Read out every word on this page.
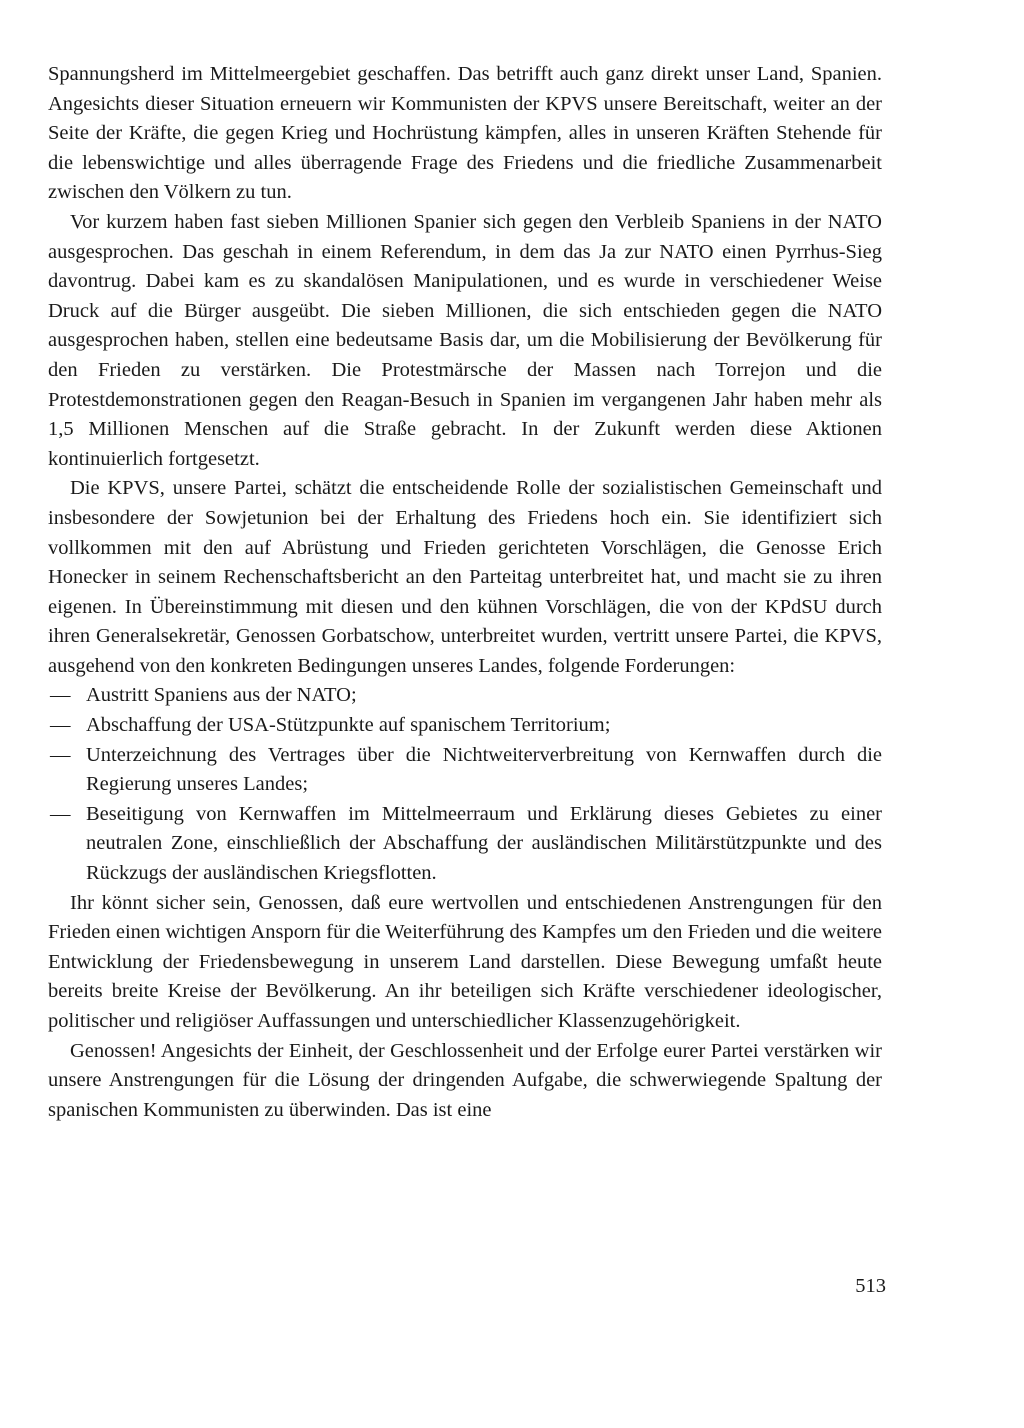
Spannungsherd im Mittelmeergebiet geschaffen. Das betrifft auch ganz direkt unser Land, Spanien. Angesichts dieser Situation erneuern wir Kommunisten der KPVS unsere Bereitschaft, weiter an der Seite der Kräfte, die gegen Krieg und Hochrüstung kämpfen, alles in unseren Kräften Stehende für die lebenswichtige und alles überragende Frage des Friedens und die friedliche Zusammenarbeit zwischen den Völkern zu tun.

Vor kurzem haben fast sieben Millionen Spanier sich gegen den Verbleib Spaniens in der NATO ausgesprochen. Das geschah in einem Referendum, in dem das Ja zur NATO einen Pyrrhus-Sieg davontrug. Dabei kam es zu skandalösen Manipulationen, und es wurde in verschiedener Weise Druck auf die Bürger ausgeübt. Die sieben Millionen, die sich entschieden gegen die NATO ausgesprochen haben, stellen eine bedeutsame Basis dar, um die Mobilisierung der Bevölkerung für den Frieden zu verstärken. Die Protestmärsche der Massen nach Torrejon und die Protestdemonstrationen gegen den Reagan-Besuch in Spanien im vergangenen Jahr haben mehr als 1,5 Millionen Menschen auf die Straße gebracht. In der Zukunft werden diese Aktionen kontinuierlich fortgesetzt.

Die KPVS, unsere Partei, schätzt die entscheidende Rolle der sozialistischen Gemeinschaft und insbesondere der Sowjetunion bei der Erhaltung des Friedens hoch ein. Sie identifiziert sich vollkommen mit den auf Abrüstung und Frieden gerichteten Vorschlägen, die Genosse Erich Honecker in seinem Rechenschaftsbericht an den Parteitag unterbreitet hat, und macht sie zu ihren eigenen. In Übereinstimmung mit diesen und den kühnen Vorschlägen, die von der KPdSU durch ihren Generalsekretär, Genossen Gorbatschow, unterbreitet wurden, vertritt unsere Partei, die KPVS, ausgehend von den konkreten Bedingungen unseres Landes, folgende Forderungen:

— Austritt Spaniens aus der NATO;
— Abschaffung der USA-Stützpunkte auf spanischem Territorium;
— Unterzeichnung des Vertrages über die Nichtweiterverbreitung von Kernwaffen durch die Regierung unseres Landes;
— Beseitigung von Kernwaffen im Mittelmeerraum und Erklärung dieses Gebietes zu einer neutralen Zone, einschließlich der Abschaffung der ausländischen Militärstützpunkte und des Rückzugs der ausländischen Kriegsflotten.

Ihr könnt sicher sein, Genossen, daß eure wertvollen und entschiedenen Anstrengungen für den Frieden einen wichtigen Ansporn für die Weiterführung des Kampfes um den Frieden und die weitere Entwicklung der Friedensbewegung in unserem Land darstellen. Diese Bewegung umfaßt heute bereits breite Kreise der Bevölkerung. An ihr beteiligen sich Kräfte verschiedener ideologischer, politischer und religiöser Auffassungen und unterschiedlicher Klassenzugehörigkeit.

Genossen! Angesichts der Einheit, der Geschlossenheit und der Erfolge eurer Partei verstärken wir unsere Anstrengungen für die Lösung der dringenden Aufgabe, die schwerwiegende Spaltung der spanischen Kommunisten zu überwinden. Das ist eine

513
